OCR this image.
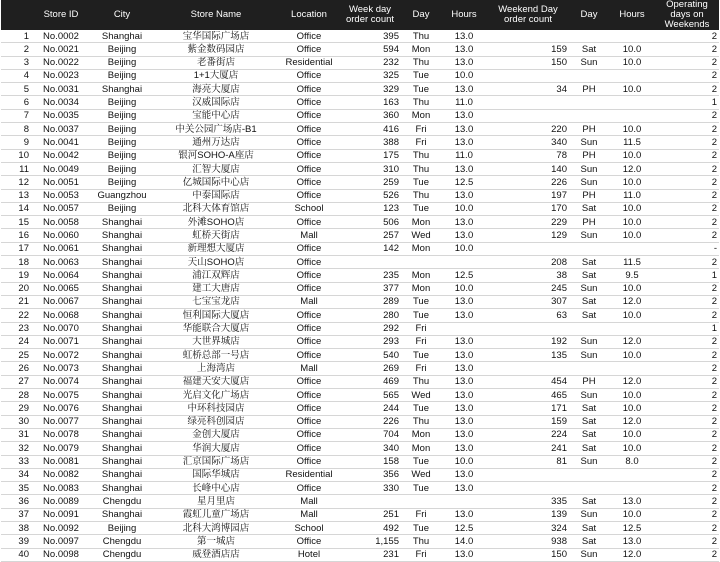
	Store ID	City	Store Name	Location	Week day order count	Day	Hours	Weekend Day order count	Day	Hours	Operating days on Weekends
1	No.0002	Shanghai	宝华国际广场店	Office	395	Thu	13.0				2
2	No.0021	Beijing	紫金数码园店	Office	594	Mon	13.0	159	Sat	10.0	2
3	No.0022	Beijing	老番街店	Residential	232	Thu	13.0	150	Sun	10.0	2
4	No.0023	Beijing	1+1大厦店	Office	325	Tue	10.0				2
5	No.0031	Shanghai	海亮大厦店	Office	329	Tue	13.0	34	PH	10.0	2
6	No.0034	Beijing	汉威国际店	Office	163	Thu	11.0				1
7	No.0035	Beijing	宝能中心店	Office	360	Mon	13.0				2
8	No.0037	Beijing	中关公园广场店-B1	Office	416	Fri	13.0	220	PH	10.0	2
9	No.0041	Beijing	通州万达店	Office	388	Fri	13.0	340	Sun	11.5	2
10	No.0042	Beijing	银河SOHO-A座店	Office	175	Thu	11.0	78	PH	10.0	2
11	No.0049	Beijing	汇智大厦店	Office	310	Thu	13.0	140	Sun	12.0	2
12	No.0051	Beijing	亿城国际中心店	Office	259	Tue	12.5	226	Sun	10.0	2
13	No.0053	Guangzhou	中泰国际店	Office	526	Thu	13.0	197	PH	11.0	2
14	No.0057	Beijing	北科大体育馆店	School	123	Tue	10.0	170	Sat	10.0	2
15	No.0058	Shanghai	外滩SOHO店	Office	506	Mon	13.0	229	PH	10.0	2
16	No.0060	Shanghai	虹桥天街店	Mall	257	Wed	13.0	129	Sun	10.0	2
17	No.0061	Shanghai	新理想大厦店	Office	142	Mon	10.0				-
18	No.0063	Shanghai	天山SOHO店	Office				208	Sat	11.5	2
19	No.0064	Shanghai	浦江双辉店	Office	235	Mon	12.5	38	Sat	9.5	1
20	No.0065	Shanghai	建工大唐店	Office	377	Mon	10.0	245	Sun	10.0	2
21	No.0067	Shanghai	七宝宝龙店	Mall	289	Tue	13.0	307	Sat	12.0	2
22	No.0068	Shanghai	恒利国际大厦店	Office	280	Tue	13.0	63	Sat	10.0	2
23	No.0070	Shanghai	华能联合大厦店	Office	292	Fri					1
24	No.0071	Shanghai	大世界城店	Office	293	Fri	13.0	192	Sun	12.0	2
25	No.0072	Shanghai	虹桥总部一号店	Office	540	Tue	13.0	135	Sun	10.0	2
26	No.0073	Shanghai	上海湾店	Mall	269	Fri	13.0				2
27	No.0074	Shanghai	福建天安大厦店	Office	469	Thu	13.0	454	PH	12.0	2
28	No.0075	Shanghai	光启文化广场店	Office	565	Wed	13.0	465	Sun	10.0	2
29	No.0076	Shanghai	中环科技园店	Office	244	Tue	13.0	171	Sat	10.0	2
30	No.0077	Shanghai	绿亮科创园店	Office	226	Thu	13.0	159	Sat	12.0	2
31	No.0078	Shanghai	金创大厦店	Office	704	Mon	13.0	224	Sat	10.0	2
32	No.0079	Shanghai	华润大厦店	Office	340	Mon	13.0	241	Sat	10.0	2
33	No.0081	Shanghai	汇京国际广场店	Office	158	Tue	10.0	81	Sun	8.0	2
34	No.0082	Shanghai	国际华城店	Residential	356	Wed	13.0				2
35	No.0083	Shanghai	长峰中心店	Office	330	Tue	13.0				2
36	No.0089	Chengdu	星月里店	Mall				335	Sat	13.0	2
37	No.0091	Shanghai	霞虹儿童广场店	Mall	251	Fri	13.0	139	Sun	10.0	2
38	No.0092	Beijing	北科大鸿博园店	School	492	Tue	12.5	324	Sat	12.5	2
39	No.0097	Chengdu	第一城店	Office	1,155	Thu	14.0	938	Sat	13.0	2
40	No.0098	Chengdu	威登酒店店	Hotel	231	Fri	13.0	150	Sun	12.0	2
